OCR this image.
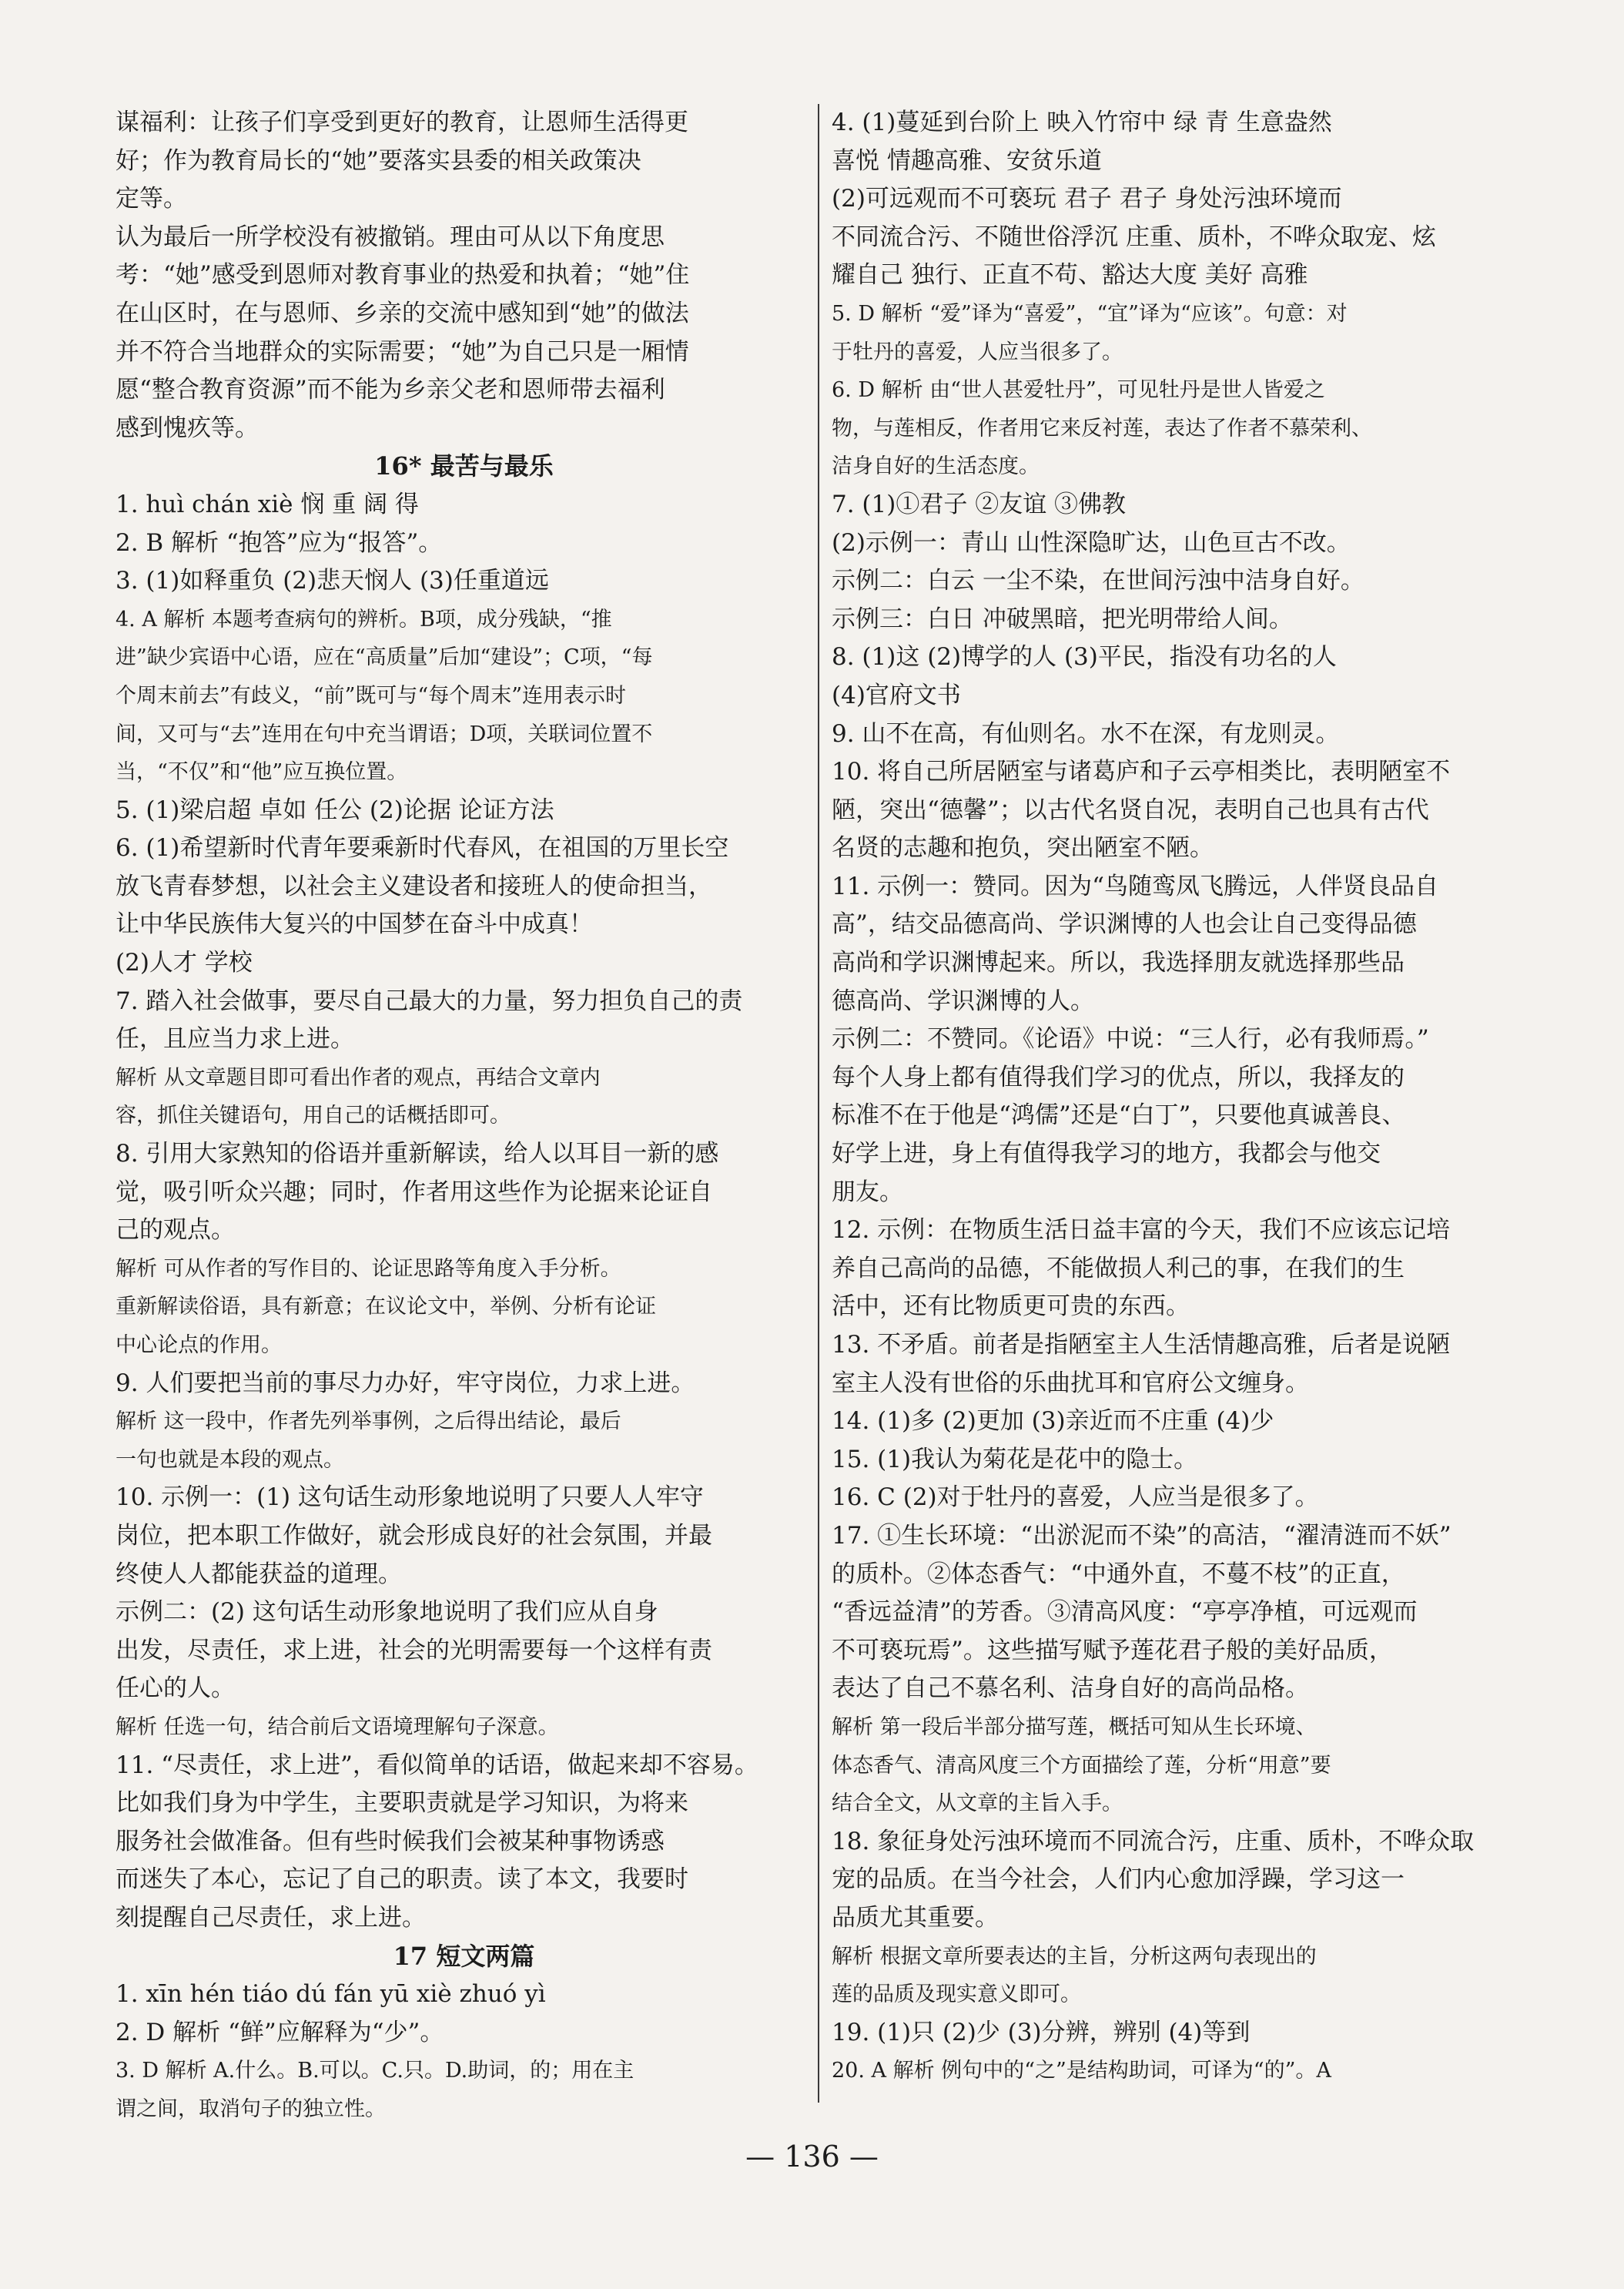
谋福利：让孩子们享受到更好的教育，让恩师生活得更
好；作为教育局长的“她”要落实县委的相关政策决
定等。
认为最后一所学校没有被撤销。理由可从以下角度思
考：“她”感受到恩师对教育事业的热爱和执着；“她”住
在山区时，在与恩师、乡亲的交流中感知到“她”的做法
并不符合当地群众的实际需要；“她”为自己只是一厢情
愿“整合教育资源”而不能为乡亲父老和恩师带去福利
感到愧疚等。
16* 最苦与最乐
1. huì chán xiè 悯 重 阔 得
2. B 解析 “抱答”应为“报答”。
3. (1)如释重负 (2)悲天悯人 (3)任重道远
4. A 解析 本题考查病句的辨析。B项，成分残缺，“推
进”缺少宾语中心语，应在“高质量”后加“建设”；C项，“每
个周末前去”有歧义，“前”既可与“每个周末”连用表示时
间，又可与“去”连用在句中充当谓语；D项，关联词位置不
当，“不仅”和“他”应互换位置。
5. (1)梁启超 卓如 任公 (2)论据 论证方法
6. (1)希望新时代青年要乘新时代春风，在祖国的万里长空
放飞青春梦想，以社会主义建设者和接班人的使命担当，
让中华民族伟大复兴的中国梦在奋斗中成真！
(2)人才 学校
7. 踏入社会做事，要尽自己最大的力量，努力担负自己的责
任，且应当力求上进。
解析 从文章题目即可看出作者的观点，再结合文章内
容，抓住关键语句，用自己的话概括即可。
8. 引用大家熟知的俗语并重新解读，给人以耳目一新的感
觉，吸引听众兴趣；同时，作者用这些作为论据来论证自
己的观点。
解析 可从作者的写作目的、论证思路等角度入手分析。
重新解读俗语，具有新意；在议论文中，举例、分析有论证
中心论点的作用。
9. 人们要把当前的事尽力办好，牢守岗位，力求上进。
解析 这一段中，作者先列举事例，之后得出结论，最后
一句也就是本段的观点。
10. 示例一：(1) 这句话生动形象地说明了只要人人牢守
岗位，把本职工作做好，就会形成良好的社会氛围，并最
终使人人都能获益的道理。
示例二：(2) 这句话生动形象地说明了我们应从自身
出发，尽责任，求上进，社会的光明需要每一个这样有责
任心的人。
解析 任选一句，结合前后文语境理解句子深意。
11. “尽责任，求上进”，看似简单的话语，做起来却不容易。
比如我们身为中学生，主要职责就是学习知识，为将来
服务社会做准备。但有些时候我们会被某种事物诱惑
而迷失了本心，忘记了自己的职责。读了本文，我要时
刻提醒自己尽责任，求上进。
17 短文两篇
1. xīn hén tiáo dú fán yū xiè zhuó yì
2. D 解析 “鲜”应解释为“少”。
3. D 解析 A.什么。B.可以。C.只。D.助词，的；用在主
谓之间，取消句子的独立性。
4. (1)蔓延到台阶上 映入竹帘中 绿 青 生意盎然
喜悦 情趣高雅、安贫乐道
(2)可远观而不可亵玩 君子 君子 身处污浊环境而
不同流合污、不随世俗浮沉 庄重、质朴，不哗众取宠、炫
耀自己 独行、正直不苟、豁达大度 美好 高雅
5. D 解析 “爱”译为“喜爱”，“宜”译为“应该”。句意：对
于牡丹的喜爱，人应当很多了。
6. D 解析 由“世人甚爱牡丹”，可见牡丹是世人皆爱之
物，与莲相反，作者用它来反衬莲，表达了作者不慕荣利、
洁身自好的生活态度。
7. (1)①君子 ②友谊 ③佛教
(2)示例一：青山 山性深隐旷达，山色亘古不改。
示例二：白云 一尘不染，在世间污浊中洁身自好。
示例三：白日 冲破黑暗，把光明带给人间。
8. (1)这 (2)博学的人 (3)平民，指没有功名的人
(4)官府文书
9. 山不在高，有仙则名。水不在深，有龙则灵。
10. 将自己所居陋室与诸葛庐和子云亭相类比，表明陋室不
陋，突出“德馨”；以古代名贤自况，表明自己也具有古代
名贤的志趣和抱负，突出陋室不陋。
11. 示例一：赞同。因为“鸟随鸾凤飞腾远，人伴贤良品自
高”，结交品德高尚、学识渊博的人也会让自己变得品德
高尚和学识渊博起来。所以，我选择朋友就选择那些品
德高尚、学识渊博的人。
示例二：不赞同。《论语》中说：“三人行，必有我师焉。”
每个人身上都有值得我们学习的优点，所以，我择友的
标准不在于他是“鸿儒”还是“白丁”，只要他真诚善良、
好学上进，身上有值得我学习的地方，我都会与他交
朋友。
12. 示例：在物质生活日益丰富的今天，我们不应该忘记培
养自己高尚的品德，不能做损人利己的事，在我们的生
活中，还有比物质更可贵的东西。
13. 不矛盾。前者是指陋室主人生活情趣高雅，后者是说陋
室主人没有世俗的乐曲扰耳和官府公文缠身。
14. (1)多 (2)更加 (3)亲近而不庄重 (4)少
15. (1)我认为菊花是花中的隐士。
16. C (2)对于牡丹的喜爱，人应当是很多了。
17. ①生长环境：“出淤泥而不染”的高洁，“濯清涟而不妖”
的质朴。②体态香气：“中通外直，不蔓不枝”的正直，
“香远益清”的芳香。③清高风度：“亭亭净植，可远观而
不可亵玩焉”。这些描写赋予莲花君子般的美好品质，
表达了自己不慕名利、洁身自好的高尚品格。
解析 第一段后半部分描写莲，概括可知从生长环境、
体态香气、清高风度三个方面描绘了莲，分析“用意”要
结合全文，从文章的主旨入手。
18. 象征身处污浊环境而不同流合污，庄重、质朴，不哗众取
宠的品质。在当今社会，人们内心愈加浮躁，学习这一
品质尤其重要。
解析 根据文章所要表达的主旨，分析这两句表现出的
莲的品质及现实意义即可。
19. (1)只 (2)少 (3)分辨，辨别 (4)等到
20. A 解析 例句中的“之”是结构助词，可译为“的”。A
— 136 —
